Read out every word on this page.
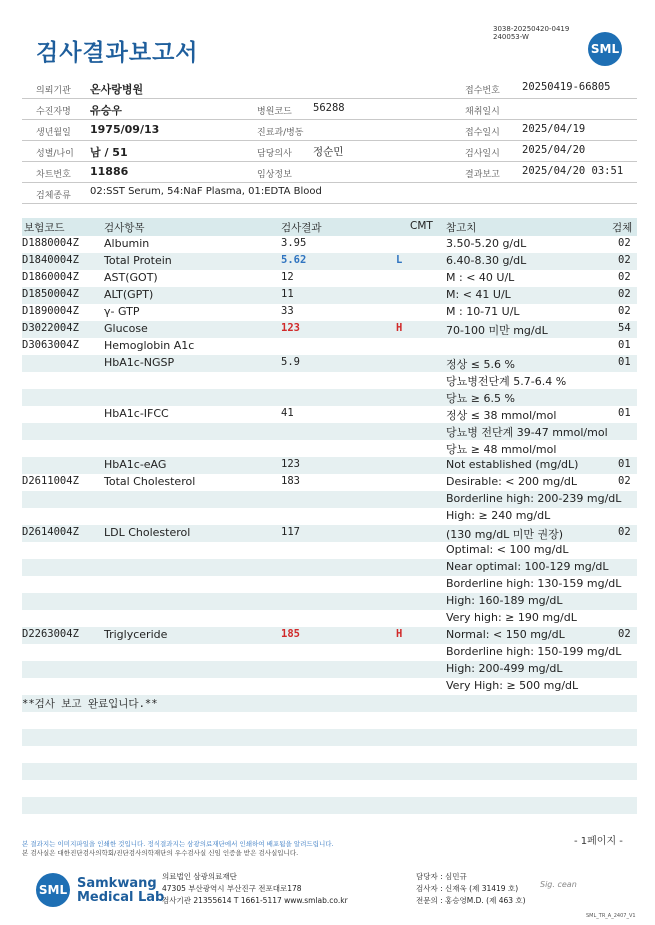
검사결과보고서
3038-20250420-0419
240053-W
SML
의뢰기관 온사랑병원	접수번호 20250419-66805
수진자명 유승우	병원코드 56288	채취일시
생년월일 1975/09/13	진료과/병동	접수일시 2025/04/19
성별/나이 남 / 51	담당의사 정순민	검사일시 2025/04/20
차트번호 11886	임상정보	결과보고 2025/04/20 03:51
검체종류 02:SST Serum, 54:NaF Plasma, 01:EDTA Blood
보험코드	검사항목	검사결과	CMT 참고치	검체
D1880004Z Albumin	3.95	3.50-5.20 g/dL	02
D1840004Z Total Protein	5.62	L	6.40-8.30 g/dL	02
D1860004Z AST(GOT)	12	M : < 40 U/L	02
D1850004Z ALT(GPT)	11	M: < 41 U/L	02
D1890004Z γ- GTP	33	M : 10-71 U/L	02
D3022004Z Glucose	123	H	70-100 미만 mg/dL	54
D3063004Z Hemoglobin A1c	01
HbA1c-NGSP	5.9	정상 ≤ 5.6 %	01
당뇨병전단계 5.7-6.4 %
당뇨 ≥ 6.5 %
HbA1c-IFCC	41	정상 ≤ 38 mmol/mol	01
당뇨병 전단계 39-47 mmol/mol
당뇨 ≥ 48 mmol/mol
HbA1c-eAG	123	Not established (mg/dL)	01
D2611004Z Total Cholesterol	183	Desirable: < 200 mg/dL	02
Borderline high: 200-239 mg/dL
High: ≥ 240 mg/dL
D2614004Z LDL Cholesterol	117	(130 mg/dL 미만 권장)	02
Optimal: < 100 mg/dL
Near optimal: 100-129 mg/dL
Borderline high: 130-159 mg/dL
High: 160-189 mg/dL
Very high: ≥ 190 mg/dL
D2263004Z Triglyceride	185	H	Normal: < 150 mg/dL	02
Borderline high: 150-199 mg/dL
High: 200-499 mg/dL
Very High: ≥ 500 mg/dL
**검사 보고 완료입니다.**
- 1페이지 -
본 결과지는 이미지파일을 인쇄한 것입니다. 정식결과지는 삼광의료재단에서 인쇄하여 배포됨을 알려드립니다.
본 검사실은 대한진단검사의학회/진단검사의학재단의 우수검사실 신임 인증을 받은 검사실입니다.
SML Samkwang
Medical Lab
의료법인 삼광의료재단
47305 부산광역시 부산진구 전포대로178
검사기관 21355614 T 1661-5117 www.smlab.co.kr
담당자 : 심민규
검사자 : 신재욱 (제 31419 호)
전문의 : 홍승영M.D. (제 463 호)
Sig. cean
SML_TR_A_2407_V1
